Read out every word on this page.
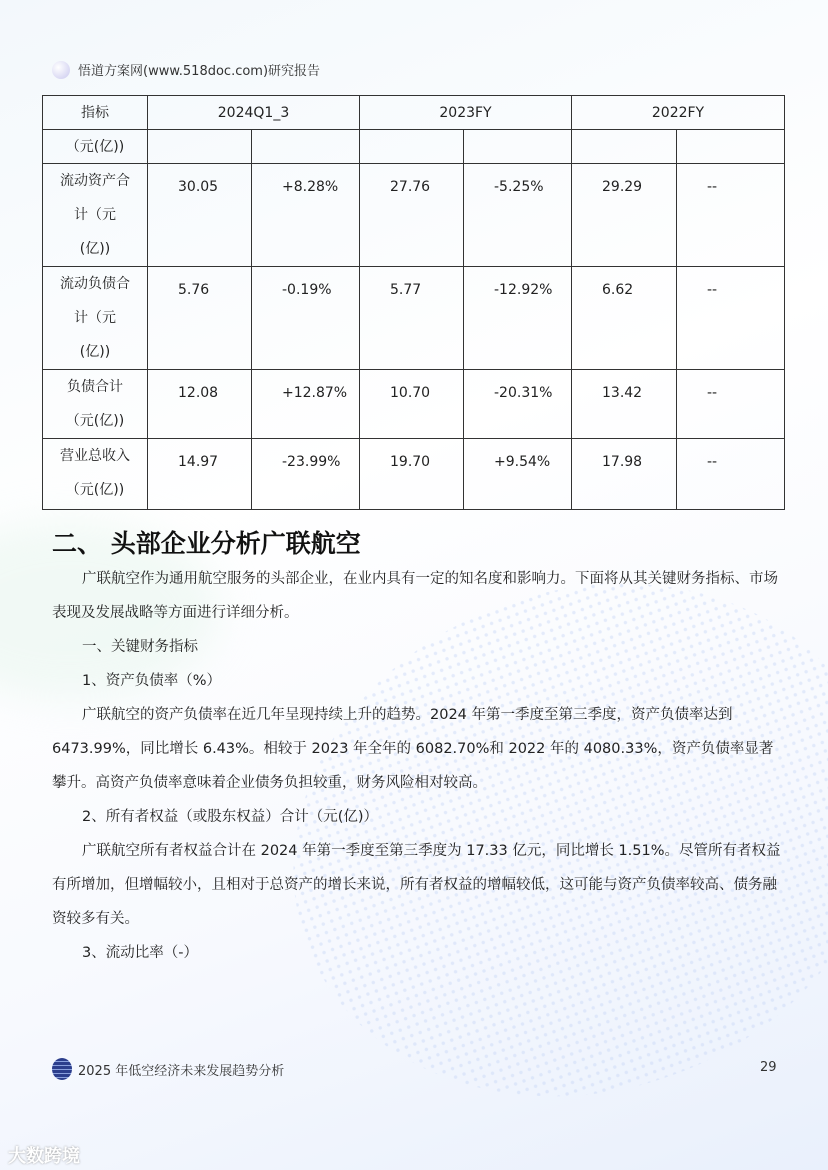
悟道方案网(www.518doc.com)研究报告
指标	2024Q1_3		2023FY		2022FY	
（元(亿))						

流动资产合
计（元
(亿))	30.05	+8.28%	27.76	-5.25%	29.29	--

流动负债合
计（元
(亿))	5.76	-0.19%	5.77	-12.92%	6.62	--

负债合计
（元(亿))	12.08	+12.87%	10.70	-20.31%	13.42	--

营业总收入
（元(亿))	14.97	-23.99%	19.70	+9.54%	17.98	--
二、 头部企业分析广联航空

广联航空作为通用航空服务的头部企业，在业内具有一定的知名度和影响力。下面将从其关键财务指标、市场表现及发展战略等方面进行详细分析。

一、关键财务指标

1、资产负债率（%）

广联航空的资产负债率在近几年呈现持续上升的趋势。2024 年第一季度至第三季度，资产负债率达到 6473.99%，同比增长 6.43%。相较于 2023 年全年的 6082.70%和 2022 年的 4080.33%，资产负债率显著攀升。高资产负债率意味着企业债务负担较重，财务风险相对较高。

2、所有者权益（或股东权益）合计（元(亿)）

广联航空所有者权益合计在 2024 年第一季度至第三季度为 17.33 亿元，同比增长 1.51%。尽管所有者权益有所增加，但增幅较小，且相对于总资产的增长来说，所有者权益的增幅较低，这可能与资产负债率较高、债务融资较多有关。

3、流动比率（-）

2025 年低空经济未来发展趋势分析	29
大数跨境
